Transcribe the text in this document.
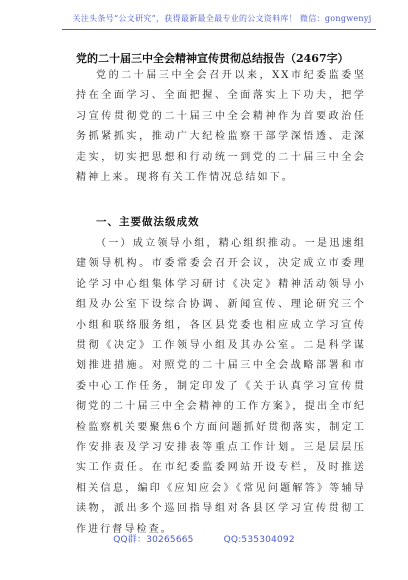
关注头条号“公文研究”，获得最新最全最专业的公文资料库！ 微信：gongwenyj
党的二十届三中全会精神宣传贯彻总结报告（2467字）
党的二十届三中全会召开以来，XX市纪委监委坚持在全面学习、全面把握、全面落实上下功夫，把学习宣传贯彻党的二十届三中全会精神作为首要政治任务抓紧抓实，推动广大纪检监察干部学深悟透、走深走实，切实把思想和行动统一到党的二十届三中全会精神上来。现将有关工作情况总结如下。
一、主要做法级成效
（一）成立领导小组，精心组织推动。一是迅速组建领导机构。市委常委会召开会议，决定成立市委理论学习中心组集体学习研讨《决定》精神活动领导小组及办公室下设综合协调、新闻宣传、理论研究三个小组和联络服务组，各区县党委也相应成立学习宣传贯彻《决定》工作领导小组及其办公室。二是科学谋划推进措施。对照党的二十届三中全会战略部署和市委中心工作任务，制定印发了《关于认真学习宣传贯彻党的二十届三中全会精神的工作方案》，提出全市纪检监察机关要聚焦6个方面问题抓好贯彻落实，制定工作安排表及学习安排表等重点工作计划。三是层层压实工作责任。在市纪委监委网站开设专栏，及时推送相关信息，编印《应知应会》《常见问题解答》等辅导读物，派出多个巡回指导组对各县区学习宣传贯彻工作进行督导检查。
QQ群：30265665	QQ:535304092
